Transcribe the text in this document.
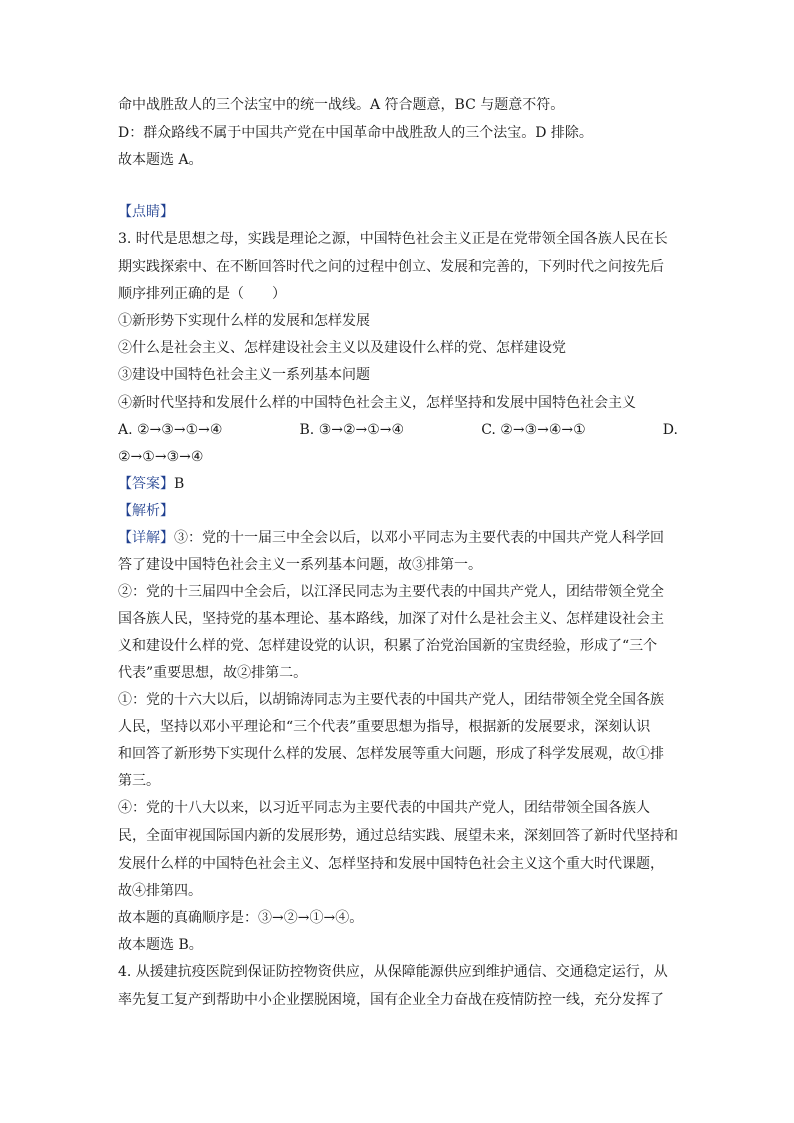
命中战胜敌人的三个法宝中的统一战线。A 符合题意，BC 与题意不符。
D：群众路线不属于中国共产党在中国革命中战胜敌人的三个法宝。D 排除。
故本题选 A。
【点睛】
3. 时代是思想之母，实践是理论之源，中国特色社会主义正是在党带领全国各族人民在长
期实践探索中、在不断回答时代之问的过程中创立、发展和完善的，下列时代之问按先后
顺序排列正确的是（　　）
①新形势下实现什么样的发展和怎样发展
②什么是社会主义、怎样建设社会主义以及建设什么样的党、怎样建设党
③建设中国特色社会主义一系列基本问题
④新时代坚持和发展什么样的中国特色社会主义，怎样坚持和发展中国特色社会主义
A. ②→③→①→④	B. ③→②→①→④	C. ②→③→④→①	D.
②→①→③→④
【答案】B
【解析】
【详解】③：党的十一届三中全会以后，以邓小平同志为主要代表的中国共产党人科学回
答了建设中国特色社会主义一系列基本问题，故③排第一。
②：党的十三届四中全会后，以江泽民同志为主要代表的中国共产党人，团结带领全党全
国各族人民，坚持党的基本理论、基本路线，加深了对什么是社会主义、怎样建设社会主
义和建设什么样的党、怎样建设党的认识，积累了治党治国新的宝贵经验，形成了“三个
代表”重要思想，故②排第二。
①：党的十六大以后，以胡锦涛同志为主要代表的中国共产党人，团结带领全党全国各族
人民，坚持以邓小平理论和“三个代表”重要思想为指导，根据新的发展要求，深刻认识
和回答了新形势下实现什么样的发展、怎样发展等重大问题，形成了科学发展观，故①排
第三。
④：党的十八大以来，以习近平同志为主要代表的中国共产党人，团结带领全国各族人
民，全面审视国际国内新的发展形势，通过总结实践、展望未来，深刻回答了新时代坚持和
发展什么样的中国特色社会主义、怎样坚持和发展中国特色社会主义这个重大时代课题，
故④排第四。
故本题的真确顺序是：③→②→①→④。
故本题选 B。
4. 从援建抗疫医院到保证防控物资供应，从保障能源供应到维护通信、交通稳定运行，从
率先复工复产到帮助中小企业摆脱困境，国有企业全力奋战在疫情防控一线，充分发挥了
